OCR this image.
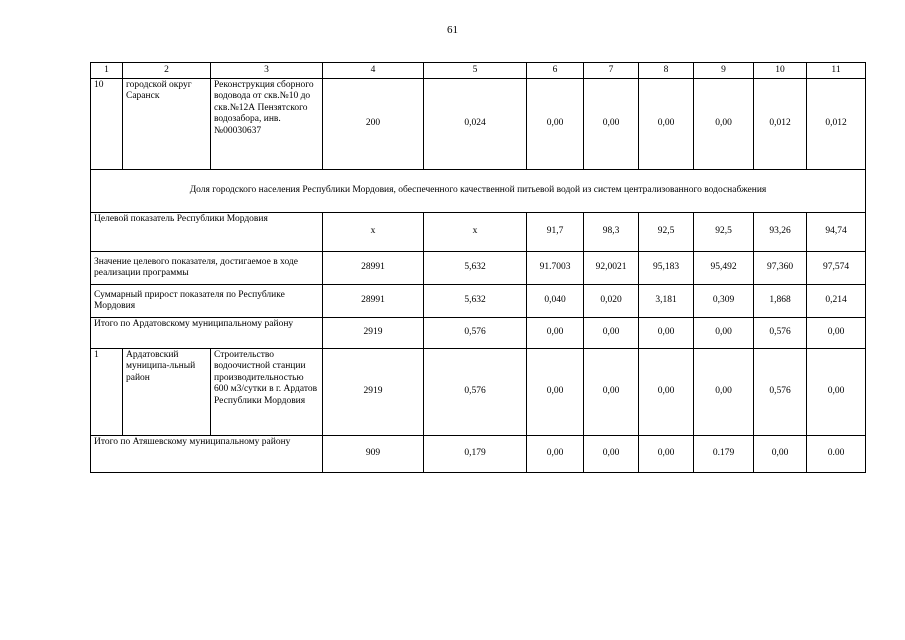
61
1	2	3	4	5	6	7	8	9	10	11
10	городской округ Саранск	Реконструкция сборного водовода от скв.№10 до скв.№12А Пензятского водозабора, инв. №00030637	200	0,024	0,00	0,00	0,00	0,00	0,012	0,012
Доля городского населения Республики Мордовия, обеспеченного качественной питьевой водой из систем централизованного водоснабжения										
Целевой показатель Республики Мордовия			х	х	91,7	98,3	92,5	92,5	93,26	94,74
Значение целевого показателя, достигаемое в ходе реализации программы			28991	5,632	91.7003	92,0021	95,183	95,492	97,360	97,574
Суммарный прирост показателя по Республике Мордовия			28991	5,632	0,040	0,020	3,181	0,309	1,868	0,214
Итого по Ардатовскому муниципальному району			2919	0,576	0,00	0,00	0,00	0,00	0,576	0,00
1	Ардатовский муниципа-льный район	Строительство водоочистной станции производительностью 600 м3/сутки в г. Ардатов Республики Мордовия	2919	0,576	0,00	0,00	0,00	0,00	0,576	0,00
Итого по Атяшевскому муниципальному району			909	0,179	0,00	0,00	0,00	0.179	0,00	0.00
